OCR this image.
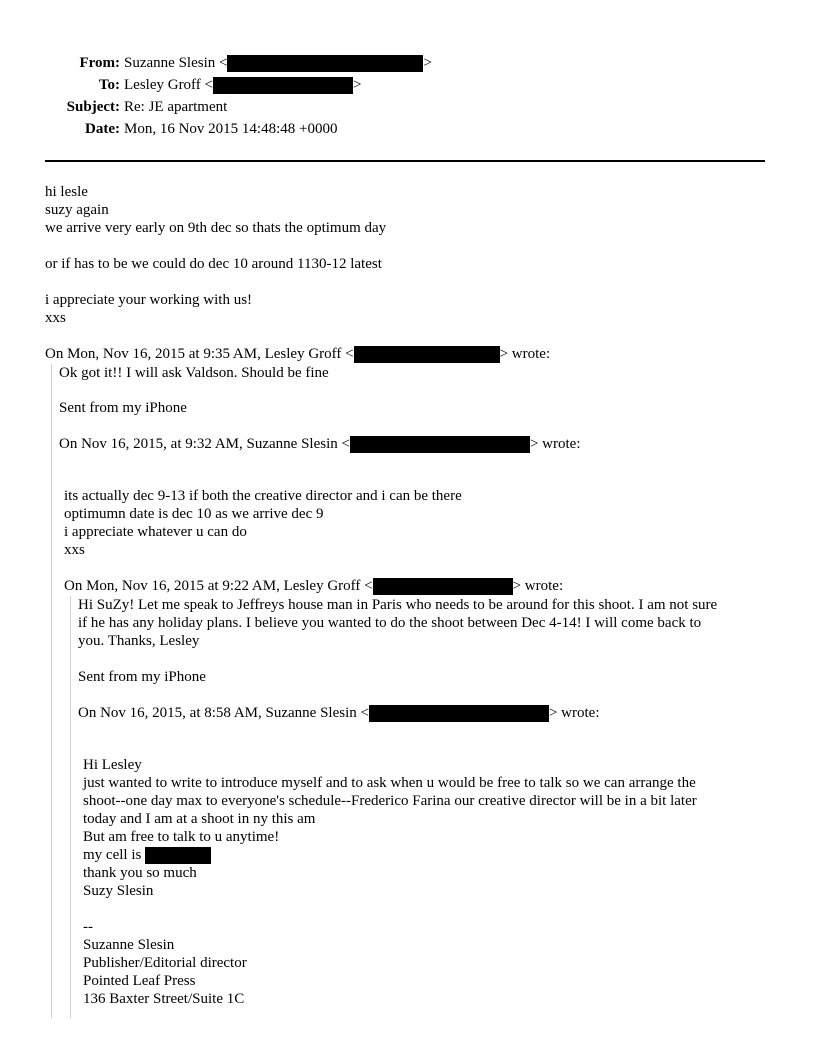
From: Suzanne Slesin <	>
To: Lesley Groff <	>
Subject: Re: JE apartment
Date: Mon, 16 Nov 2015 14:48:48 +0000
hi lesle
suzy again
we arrive very early on 9th dec so thats the optimum day
or if has to be we could do dec 10 around 1130-12 latest
i appreciate your working with us!
xxs
On Mon, Nov 16, 2015 at 9:35 AM, Lesley Groff <	> wrote:
Ok got it!! I will ask Valdson. Should be fine
Sent from my iPhone
On Nov 16, 2015, at 9:32 AM, Suzanne Slesin <	> wrote:
its actually dec 9-13 if both the creative director and i can be there
optimumn date is dec 10 as we arrive dec 9
i appreciate whatever u can do
xxs
On Mon, Nov 16, 2015 at 9:22 AM, Lesley Groff <	> wrote:
Hi SuZy! Let me speak to Jeffreys house man in Paris who needs to be around for this shoot. I am not sure
if he has any holiday plans. I believe you wanted to do the shoot between Dec 4-14! I will come back to
you. Thanks, Lesley
Sent from my iPhone
On Nov 16, 2015, at 8:58 AM, Suzanne Slesin <	> wrote:
Hi Lesley
just wanted to write to introduce myself and to ask when u would be free to talk so we can arrange the
shoot--one day max to everyone's schedule--Frederico Farina our creative director will be in a bit later
today and I am at a shoot in ny this am
But am free to talk to u anytime!
my cell is
thank you so much
Suzy Slesin
--
Suzanne Slesin
Publisher/Editorial director
Pointed Leaf Press
136 Baxter Street/Suite 1C
